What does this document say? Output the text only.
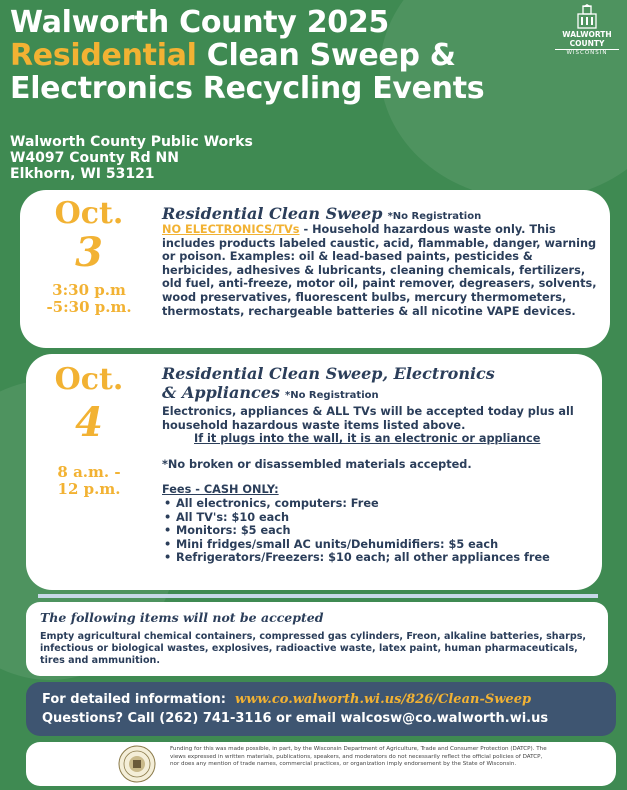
Walworth County 2025
Residential Clean Sweep &
Electronics Recycling Events
WALWORTH COUNTY
WISCONSIN
Walworth County Public Works
W4097 County Rd NN
Elkhorn, WI 53121
Oct.
3
3:30 p.m
-5:30 p.m.
Residential Clean Sweep *No Registration
NO ELECTRONICS/TVs - Household hazardous waste only. This includes products labeled caustic, acid, flammable, danger, warning or poison. Examples: oil & lead-based paints, pesticides & herbicides, adhesives & lubricants, cleaning chemicals, fertilizers, old fuel, anti-freeze, motor oil, paint remover, degreasers, solvents, wood preservatives, fluorescent bulbs, mercury thermometers, thermostats, rechargeable batteries & all nicotine VAPE devices.
Oct.
4
8 a.m. -
12 p.m.
Residential Clean Sweep, Electronics
& Appliances *No Registration
Electronics, appliances & ALL TVs will be accepted today plus all household hazardous waste items listed above.
If it plugs into the wall, it is an electronic or appliance
*No broken or disassembled materials accepted.
Fees - CASH ONLY:
• All electronics, computers: Free
• All TV's: $10 each
• Monitors: $5 each
• Mini fridges/small AC units/Dehumidifiers: $5 each
• Refrigerators/Freezers: $10 each; all other appliances free
The following items will not be accepted
Empty agricultural chemical containers, compressed gas cylinders, Freon, alkaline batteries, sharps, infectious or biological wastes, explosives, radioactive waste, latex paint, human pharmaceuticals, tires and ammunition.
For detailed information: www.co.walworth.wi.us/826/Clean-Sweep
Questions? Call (262) 741-3116 or email walcosw@co.walworth.wi.us
Funding for this was made possible, in part, by the Wisconsin Department of Agriculture, Trade and Consumer Protection (DATCP). The views expressed in written materials, publications, speakers, and moderators do not necessarily reflect the official policies of DATCP, nor does any mention of trade names, commercial practices, or organization imply endorsement by the State of Wisconsin.
